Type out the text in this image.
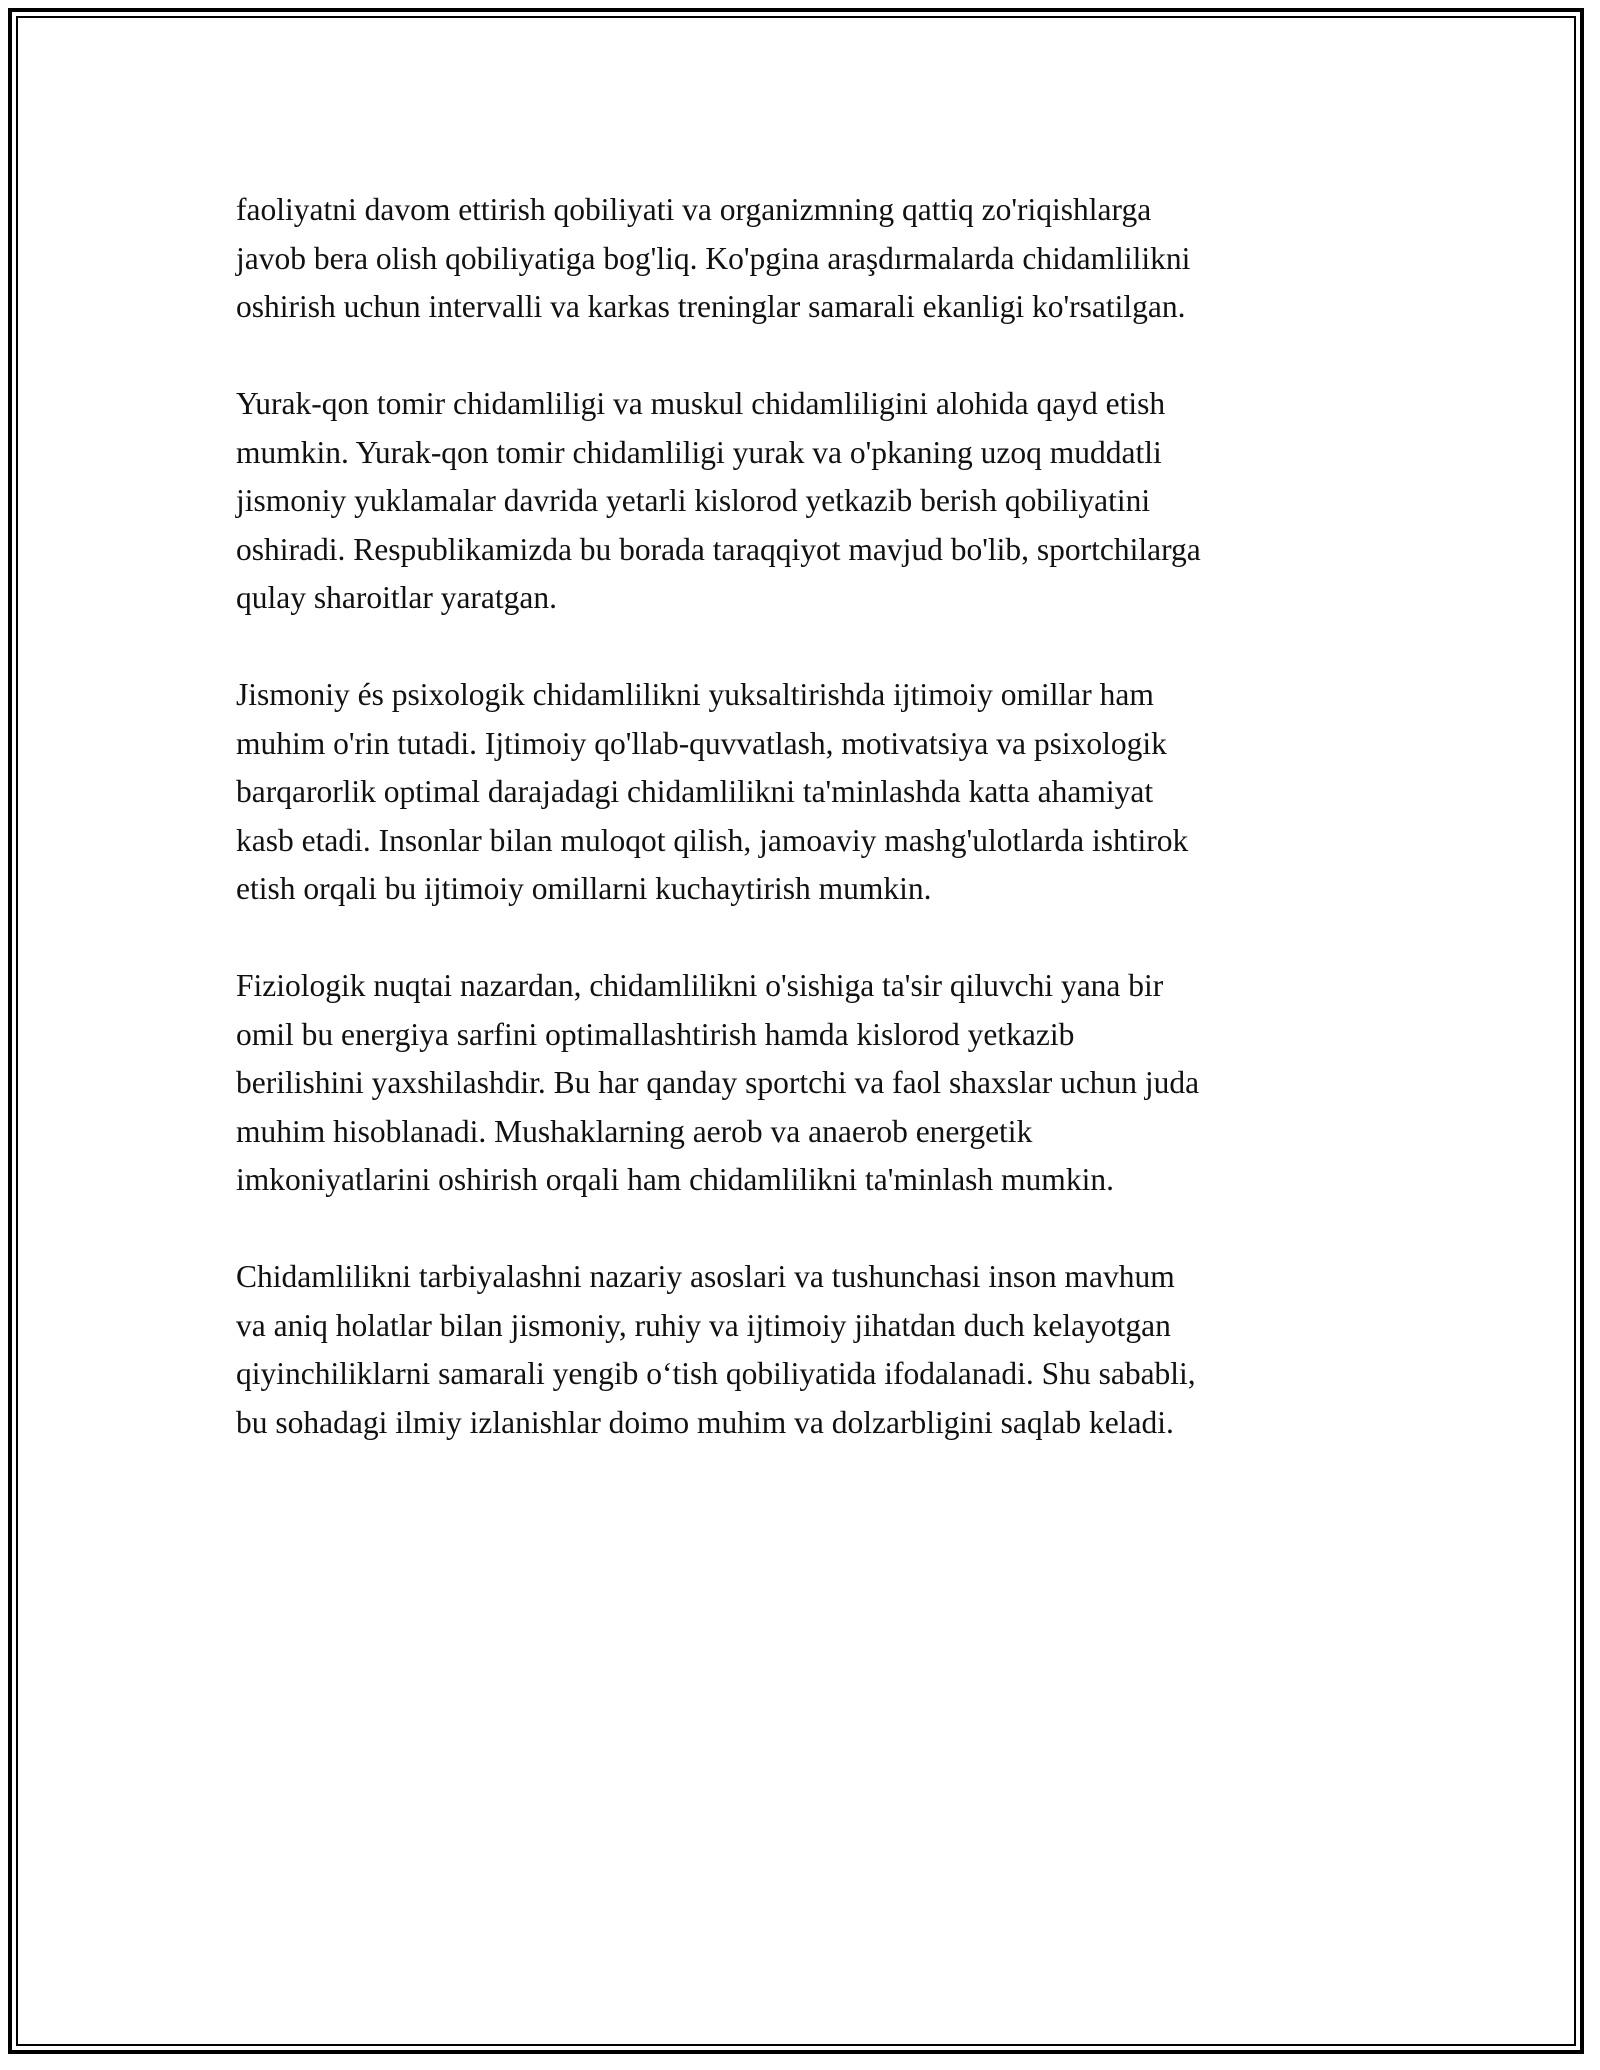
faoliyatni davom ettirish qobiliyati va organizmning qattiq zo'riqishlarga
javob bera olish qobiliyatiga bog'liq. Ko'pgina araşdırmalarda chidamlilikni
oshirish uchun intervalli va karkas treninglar samarali ekanligi ko'rsatilgan.

Yurak-qon tomir chidamliligi va muskul chidamliligini alohida qayd etish
mumkin. Yurak-qon tomir chidamliligi yurak va o'pkaning uzoq muddatli
jismoniy yuklamalar davrida yetarli kislorod yetkazib berish qobiliyatini
oshiradi. Respublikamizda bu borada taraqqiyot mavjud bo'lib, sportchilarga
qulay sharoitlar yaratgan.

Jismoniy és psixologik chidamlilikni yuksaltirishda ijtimoiy omillar ham
muhim o'rin tutadi. Ijtimoiy qo'llab-quvvatlash, motivatsiya va psixologik
barqarorlik optimal darajadagi chidamlilikni ta'minlashda katta ahamiyat
kasb etadi. Insonlar bilan muloqot qilish, jamoaviy mashg'ulotlarda ishtirok
etish orqali bu ijtimoiy omillarni kuchaytirish mumkin.

Fiziologik nuqtai nazardan, chidamlilikni o'sishiga ta'sir qiluvchi yana bir
omil bu energiya sarfini optimallashtirish hamda kislorod yetkazib
berilishini yaxshilashdir. Bu har qanday sportchi va faol shaxslar uchun juda
muhim hisoblanadi. Mushaklarning aerob va anaerob energetik
imkoniyatlarini oshirish orqali ham chidamlilikni ta'minlash mumkin.

Chidamlilikni tarbiyalashni nazariy asoslari va tushunchasi inson mavhum
va aniq holatlar bilan jismoniy, ruhiy va ijtimoiy jihatdan duch kelayotgan
qiyinchiliklarni samarali yengib o‘tish qobiliyatida ifodalanadi. Shu sababli,
bu sohadagi ilmiy izlanishlar doimo muhim va dolzarbligini saqlab keladi.
